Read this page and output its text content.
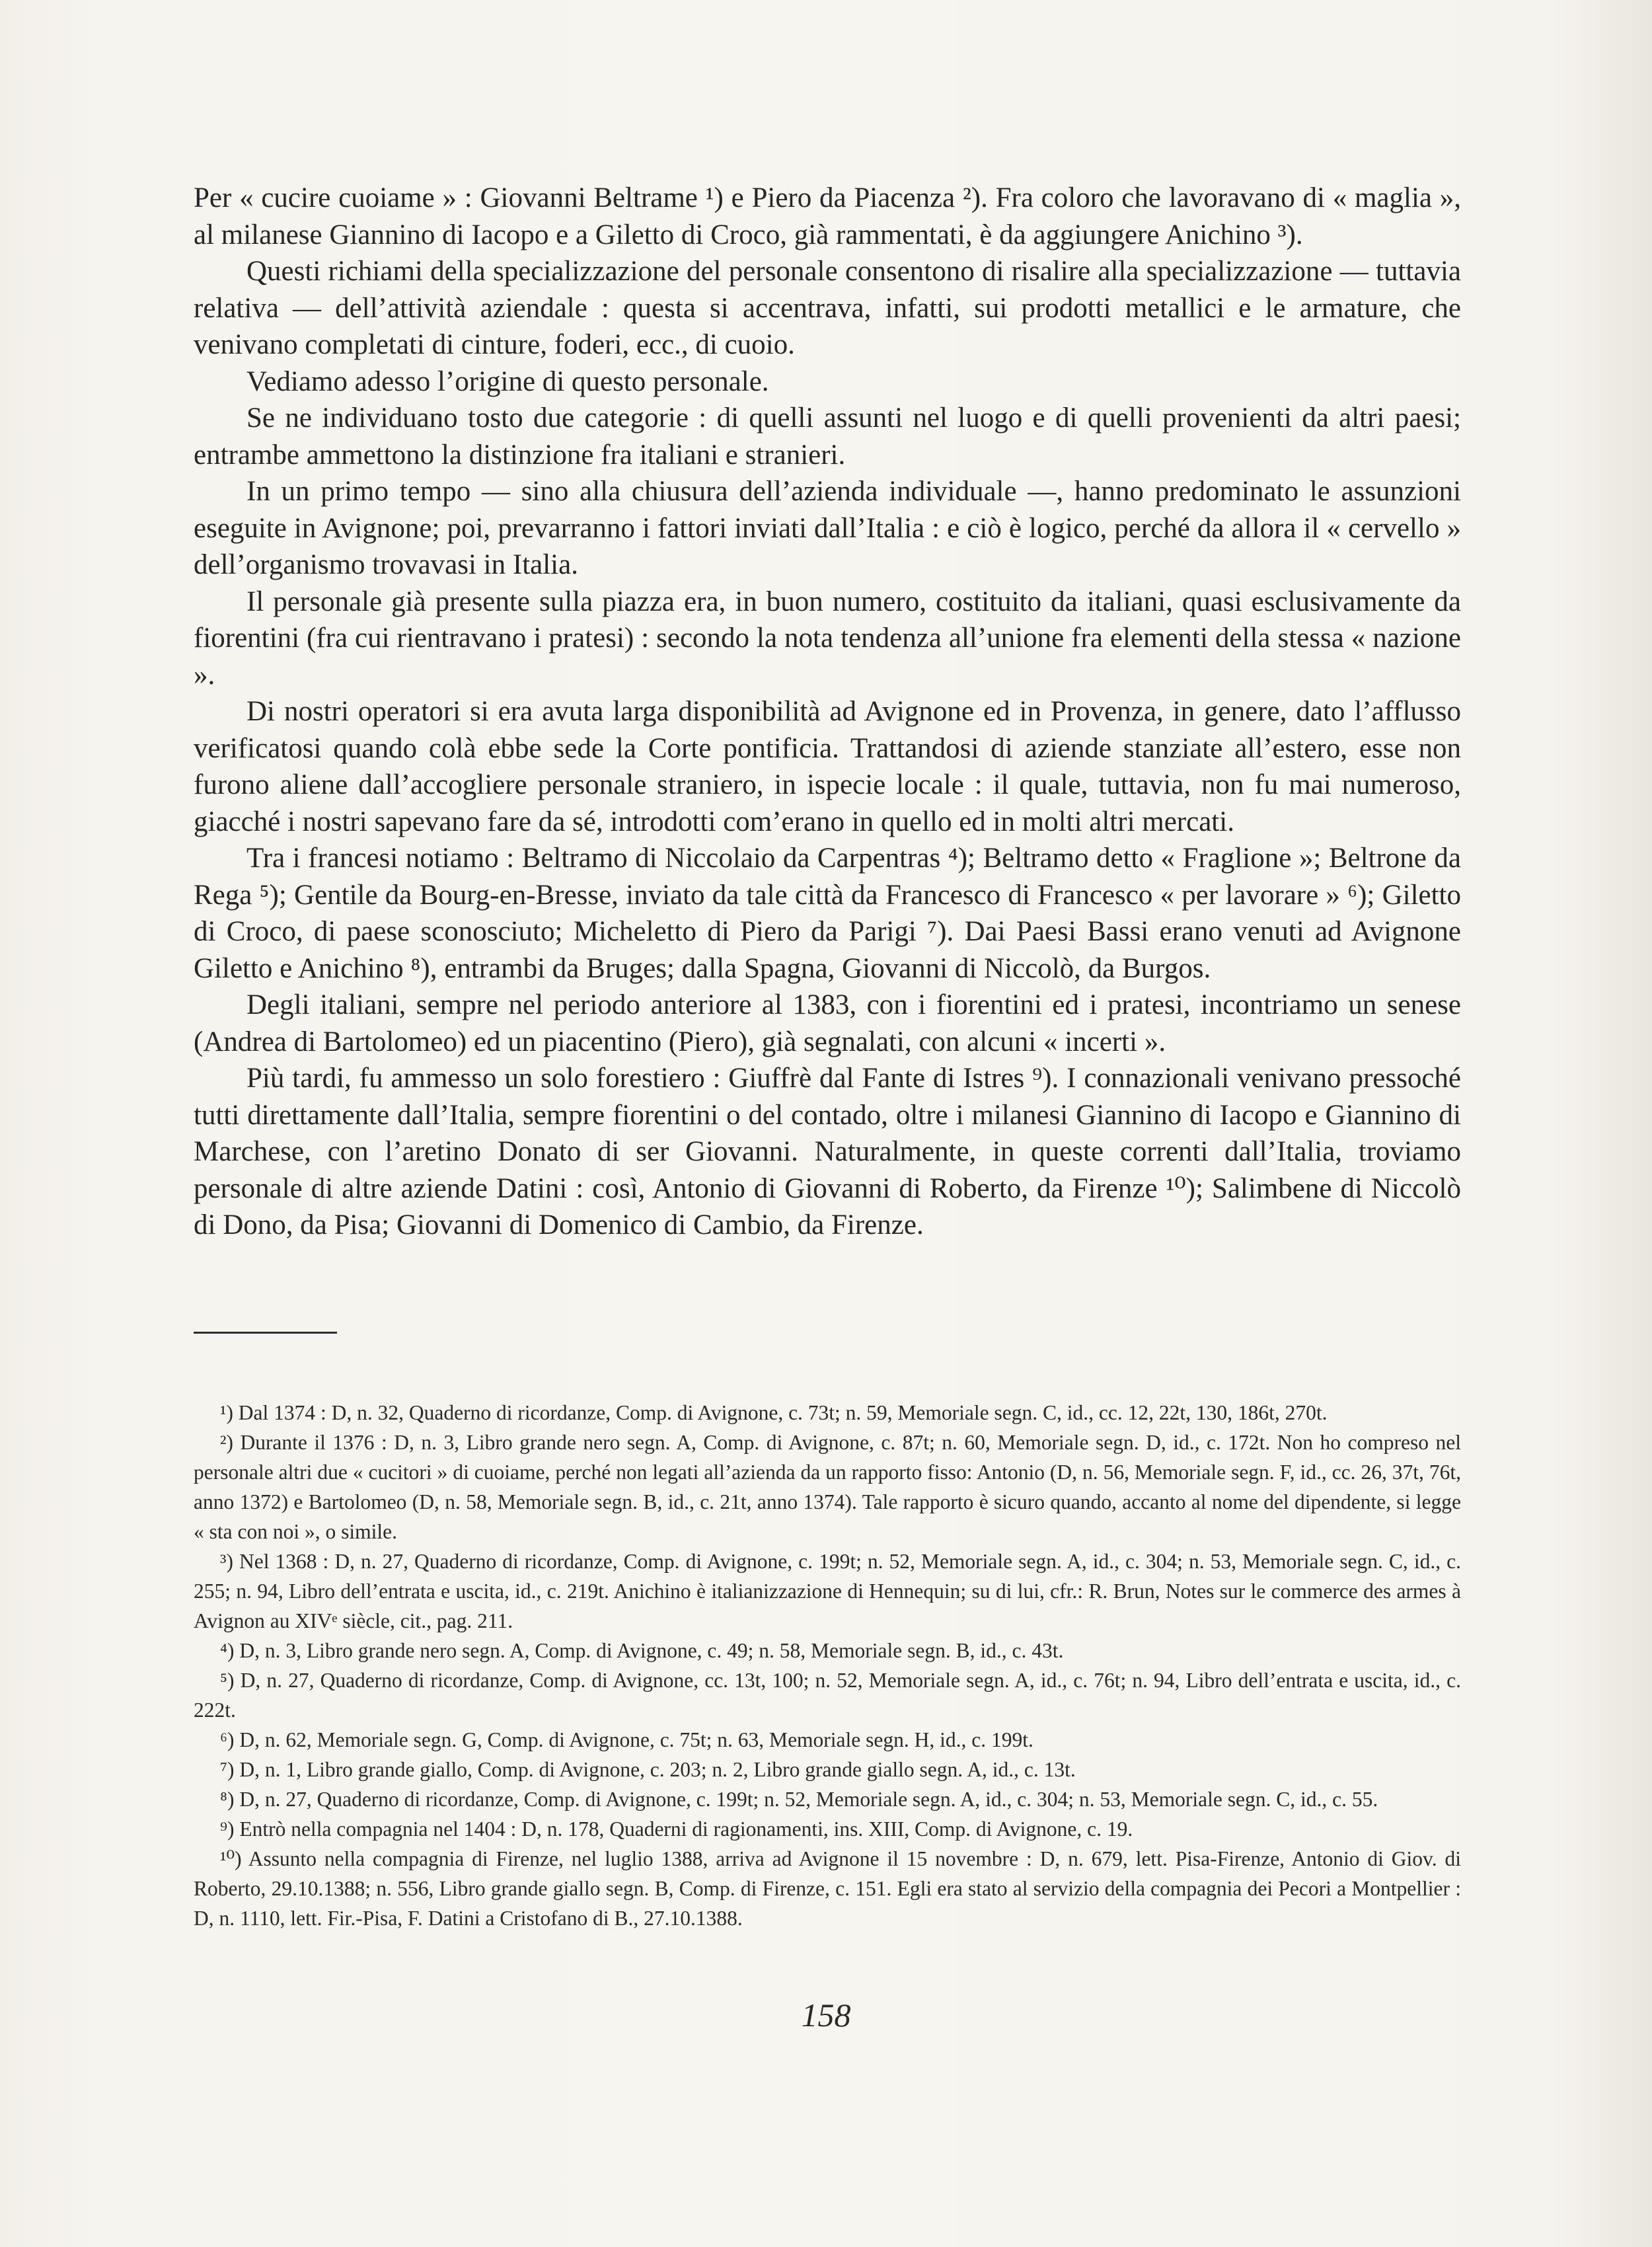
Per « cucire cuoiame » : Giovanni Beltrame ¹) e Piero da Piacenza ²). Fra coloro che lavoravano di « maglia », al milanese Giannino di Iacopo e a Giletto di Croco, già rammentati, è da aggiungere Anichino ³).

Questi richiami della specializzazione del personale consentono di risalire alla specializzazione — tuttavia relativa — dell’attività aziendale : questa si accentrava, infatti, sui prodotti metallici e le armature, che venivano completati di cinture, foderi, ecc., di cuoio.

Vediamo adesso l’origine di questo personale.

Se ne individuano tosto due categorie : di quelli assunti nel luogo e di quelli provenienti da altri paesi; entrambe ammettono la distinzione fra italiani e stranieri.

In un primo tempo — sino alla chiusura dell’azienda individuale —, hanno predominato le assunzioni eseguite in Avignone; poi, prevarranno i fattori inviati dall’Italia : e ciò è logico, perché da allora il « cervello » dell’organismo trovavasi in Italia.

Il personale già presente sulla piazza era, in buon numero, costituito da italiani, quasi esclusivamente da fiorentini (fra cui rientravano i pratesi) : secondo la nota tendenza all’unione fra elementi della stessa « nazione ».

Di nostri operatori si era avuta larga disponibilità ad Avignone ed in Provenza, in genere, dato l’afflusso verificatosi quando colà ebbe sede la Corte pontificia. Trattandosi di aziende stanziate all’estero, esse non furono aliene dall’accogliere personale straniero, in ispecie locale : il quale, tuttavia, non fu mai numeroso, giacché i nostri sapevano fare da sé, introdotti com’erano in quello ed in molti altri mercati.

Tra i francesi notiamo : Beltramo di Niccolaio da Carpentras ⁴); Beltramo detto « Fraglione »; Beltrone da Rega ⁵); Gentile da Bourg-en-Bresse, inviato da tale città da Francesco di Francesco « per lavorare » ⁶); Giletto di Croco, di paese sconosciuto; Micheletto di Piero da Parigi ⁷). Dai Paesi Bassi erano venuti ad Avignone Giletto e Anichino ⁸), entrambi da Bruges; dalla Spagna, Giovanni di Niccolò, da Burgos.

Degli italiani, sempre nel periodo anteriore al 1383, con i fiorentini ed i pratesi, incontriamo un senese (Andrea di Bartolomeo) ed un piacentino (Piero), già segnalati, con alcuni « incerti ».

Più tardi, fu ammesso un solo forestiero : Giuffrè dal Fante di Istres ⁹). I connazionali venivano pressoché tutti direttamente dall’Italia, sempre fiorentini o del contado, oltre i milanesi Giannino di Iacopo e Giannino di Marchese, con l’aretino Donato di ser Giovanni. Naturalmente, in queste correnti dall’Italia, troviamo personale di altre aziende Datini : così, Antonio di Giovanni di Roberto, da Firenze ¹⁰); Salimbene di Niccolò di Dono, da Pisa; Giovanni di Domenico di Cambio, da Firenze.

¹) Dal 1374 : D, n. 32, Quaderno di ricordanze, Comp. di Avignone, c. 73t; n. 59, Memoriale segn. C, id., cc. 12, 22t, 130, 186t, 270t.

²) Durante il 1376 : D, n. 3, Libro grande nero segn. A, Comp. di Avignone, c. 87t; n. 60, Memoriale segn. D, id., c. 172t. Non ho compreso nel personale altri due « cucitori » di cuoiame, perché non legati all’azienda da un rapporto fisso: Antonio (D, n. 56, Memoriale segn. F, id., cc. 26, 37t, 76t, anno 1372) e Bartolomeo (D, n. 58, Memoriale segn. B, id., c. 21t, anno 1374). Tale rapporto è sicuro quando, accanto al nome del dipendente, si legge « sta con noi », o simile.

³) Nel 1368 : D, n. 27, Quaderno di ricordanze, Comp. di Avignone, c. 199t; n. 52, Memoriale segn. A, id., c. 304; n. 53, Memoriale segn. C, id., c. 255; n. 94, Libro dell’entrata e uscita, id., c. 219t. Anichino è italianizzazione di Hennequin; su di lui, cfr.: R. Brun, Notes sur le commerce des armes à Avignon au XIVᵉ siècle, cit., pag. 211.

⁴) D, n. 3, Libro grande nero segn. A, Comp. di Avignone, c. 49; n. 58, Memoriale segn. B, id., c. 43t.

⁵) D, n. 27, Quaderno di ricordanze, Comp. di Avignone, cc. 13t, 100; n. 52, Memoriale segn. A, id., c. 76t; n. 94, Libro dell’entrata e uscita, id., c. 222t.

⁶) D, n. 62, Memoriale segn. G, Comp. di Avignone, c. 75t; n. 63, Memoriale segn. H, id., c. 199t.

⁷) D, n. 1, Libro grande giallo, Comp. di Avignone, c. 203; n. 2, Libro grande giallo segn. A, id., c. 13t.

⁸) D, n. 27, Quaderno di ricordanze, Comp. di Avignone, c. 199t; n. 52, Memoriale segn. A, id., c. 304; n. 53, Memoriale segn. C, id., c. 55.

⁹) Entrò nella compagnia nel 1404 : D, n. 178, Quaderni di ragionamenti, ins. XIII, Comp. di Avignone, c. 19.

¹⁰) Assunto nella compagnia di Firenze, nel luglio 1388, arriva ad Avignone il 15 novembre : D, n. 679, lett. Pisa-Firenze, Antonio di Giov. di Roberto, 29.10.1388; n. 556, Libro grande giallo segn. B, Comp. di Firenze, c. 151. Egli era stato al servizio della compagnia dei Pecori a Montpellier : D, n. 1110, lett. Fir.-Pisa, F. Datini a Cristofano di B., 27.10.1388.

158
